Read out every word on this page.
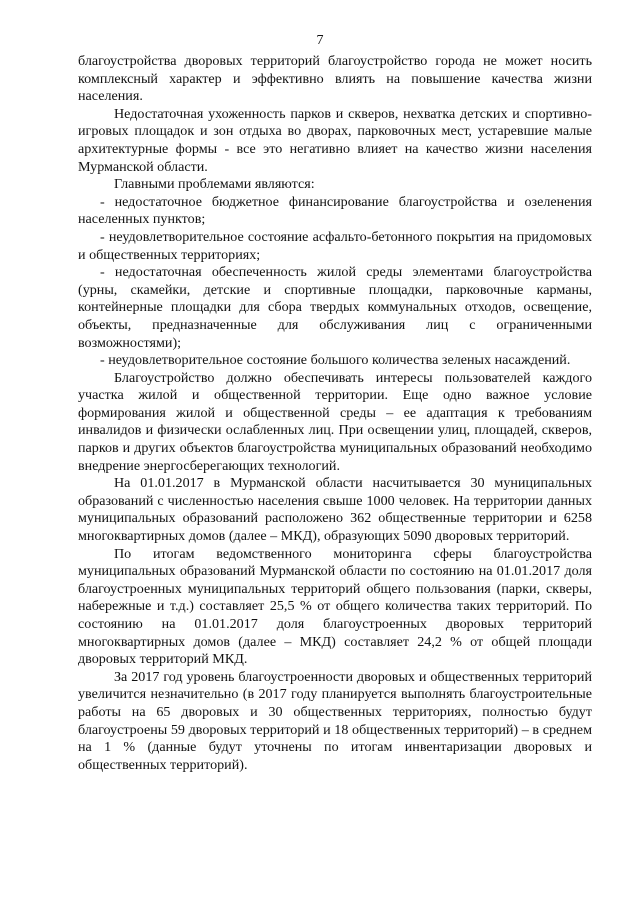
7

благоустройства дворовых территорий благоустройство города не может носить комплексный характер и эффективно влиять на повышение качества жизни населения.

Недостаточная ухоженность парков и скверов, нехватка детских и спортивно-игровых площадок и зон отдыха во дворах, парковочных мест, устаревшие малые архитектурные формы - все это негативно влияет на качество жизни населения Мурманской области.

Главными проблемами являются:

- недостаточное бюджетное финансирование благоустройства и озеленения населенных пунктов;

- неудовлетворительное состояние асфальто-бетонного покрытия на придомовых и общественных территориях;

- недостаточная обеспеченность жилой среды элементами благоустройства (урны, скамейки, детские и спортивные площадки, парковочные карманы, контейнерные площадки для сбора твердых коммунальных отходов, освещение, объекты, предназначенные для обслуживания лиц с ограниченными возможностями);

- неудовлетворительное состояние большого количества зеленых насаждений.

Благоустройство должно обеспечивать интересы пользователей каждого участка жилой и общественной территории. Еще одно важное условие формирования жилой и общественной среды – ее адаптация к требованиям инвалидов и физически ослабленных лиц. При освещении улиц, площадей, скверов, парков и других объектов благоустройства муниципальных образований необходимо внедрение энергосберегающих технологий.

На 01.01.2017 в Мурманской области насчитывается 30 муниципальных образований с численностью населения свыше 1000 человек. На территории данных муниципальных образований расположено 362 общественные территории и 6258 многоквартирных домов (далее – МКД), образующих 5090 дворовых территорий.

По итогам ведомственного мониторинга сферы благоустройства муниципальных образований Мурманской области по состоянию на 01.01.2017 доля благоустроенных муниципальных территорий общего пользования (парки, скверы, набережные и т.д.) составляет 25,5 % от общего количества таких территорий. По состоянию на 01.01.2017 доля благоустроенных дворовых территорий многоквартирных домов (далее – МКД) составляет 24,2 % от общей площади дворовых территорий МКД.

За 2017 год уровень благоустроенности дворовых и общественных территорий увеличится незначительно (в 2017 году планируется выполнять благоустроительные работы на 65 дворовых и 30 общественных территориях, полностью будут благоустроены 59 дворовых территорий и 18 общественных территорий) – в среднем на 1 % (данные будут уточнены по итогам инвентаризации дворовых и общественных территорий).
